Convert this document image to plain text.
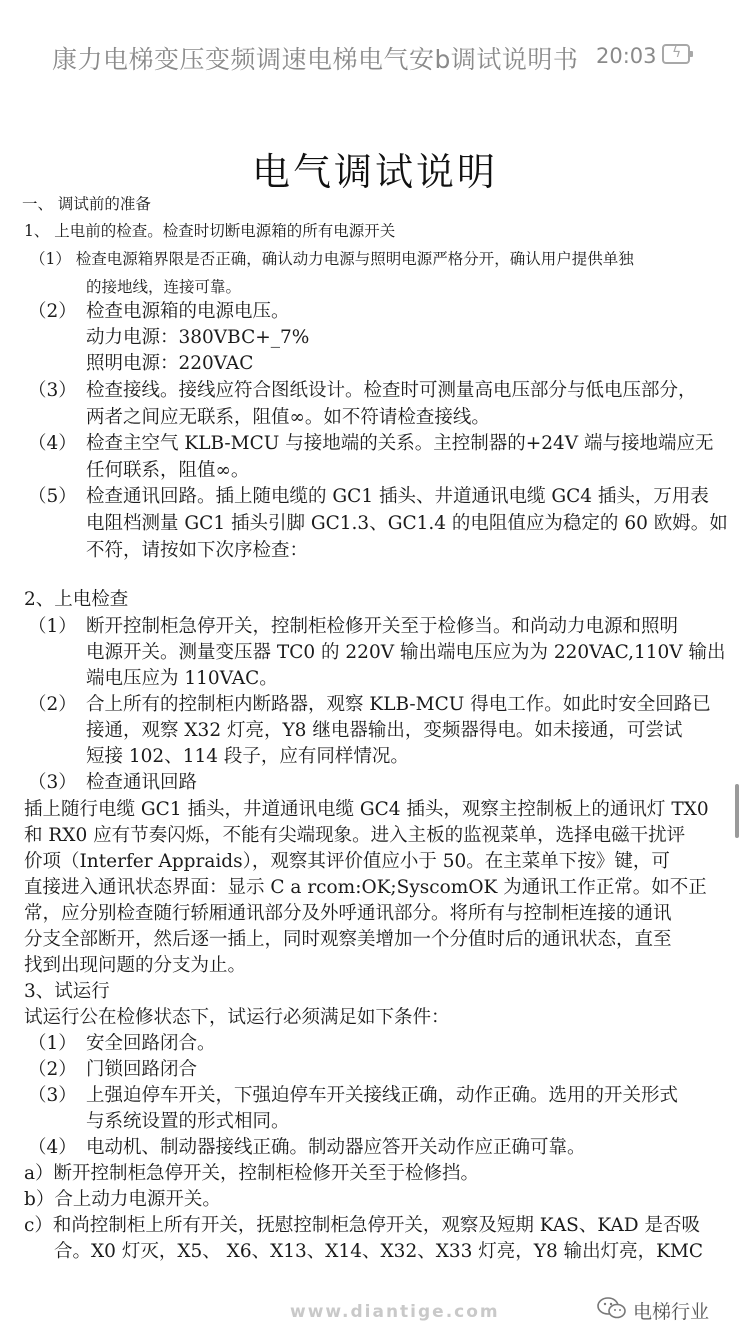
康力电梯变压变频调速电梯电气安b调试说明书 20:03 ϟ
电气调试说明
一、 调试前的准备
1、 上电前的检查。检查时切断电源箱的所有电源开关
（1） 检查电源箱界限是否正确，确认动力电源与照明电源严格分开，确认用户提供单独
的接地线，连接可靠。
（2） 检查电源箱的电源电压。
动力电源：380VBC+_7%
照明电源：220VAC
（3） 检查接线。接线应符合图纸设计。检查时可测量高电压部分与低电压部分，
两者之间应无联系，阻值∞。如不符请检查接线。
（4） 检查主空气 KLB-MCU 与接地端的关系。主控制器的+24V 端与接地端应无
任何联系，阻值∞。
（5） 检查通讯回路。插上随电缆的 GC1 插头、井道通讯电缆 GC4 插头，万用表
电阻档测量 GC1 插头引脚 GC1.3、GC1.4 的电阻值应为稳定的 60 欧姆。如
不符，请按如下次序检查：
2、上电检查
（1） 断开控制柜急停开关，控制柜检修开关至于检修当。和尚动力电源和照明
电源开关。测量变压器 TC0 的 220V 输出端电压应为为 220VAC,110V 输出
端电压应为 110VAC。
（2） 合上所有的控制柜内断路器，观察 KLB-MCU 得电工作。如此时安全回路已
接通，观察 X32 灯亮，Y8 继电器输出，变频器得电。如未接通，可尝试
短接 102、114 段子，应有同样情况。
（3） 检查通讯回路
插上随行电缆 GC1 插头，井道通讯电缆 GC4 插头，观察主控制板上的通讯灯 TX0
和 RX0 应有节奏闪烁，不能有尖端现象。进入主板的监视菜单，选择电磁干扰评
价项（Interfer Appraids），观察其评价值应小于 50。在主菜单下按》键，可
直接进入通讯状态界面：显示 C a rcom:OK;SyscomOK 为通讯工作正常。如不正
常，应分别检查随行轿厢通讯部分及外呼通讯部分。将所有与控制柜连接的通讯
分支全部断开，然后逐一插上，同时观察美增加一个分值时后的通讯状态，直至
找到出现问题的分支为止。
3、试运行
试运行公在检修状态下，试运行必须满足如下条件：
（1） 安全回路闭合。
（2） 门锁回路闭合
（3） 上强迫停车开关，下强迫停车开关接线正确，动作正确。选用的开关形式
与系统设置的形式相同。
（4） 电动机、制动器接线正确。制动器应答开关动作应正确可靠。
a）断开控制柜急停开关，控制柜检修开关至于检修挡。
b）合上动力电源开关。
c）和尚控制柜上所有开关，抚慰控制柜急停开关，观察及短期 KAS、KAD 是否吸
合。X0 灯灭，X5、 X6、X13、X14、X32、X33 灯亮，Y8 输出灯亮，KMC
www.diantige.com	电梯行业
